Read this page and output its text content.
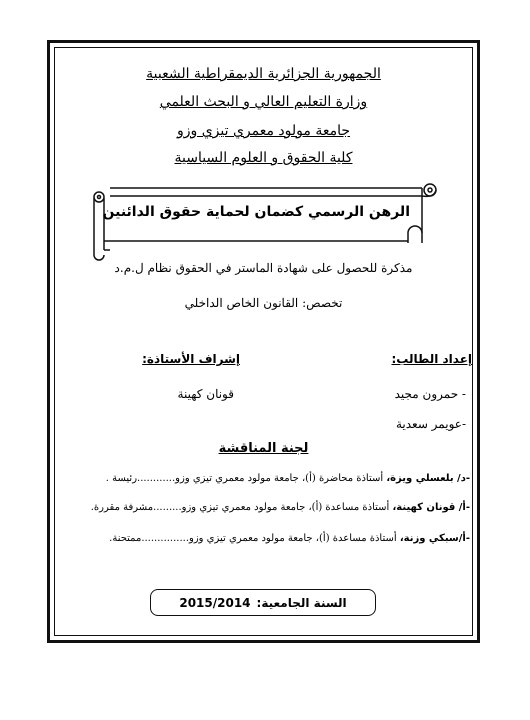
الجمهورية الجزائرية الديمقراطية الشعبية
وزارة التعليم العالي و البحث العلمي
جامعة مولود معمري تيزي وزو
كلية الحقوق و العلوم السياسية
الرهن الرسمي كضمان لحماية حقوق الدائنين
مذكرة للحصول على شهادة الماستر في الحقوق نظام ل.م.د
تخصص: القانون الخاص الداخلي
إعداد الطالب:
- حمرون مجيد
-عويمر سعدية
إشراف الأستاذة:
قونان كهينة
لجنة المناقشة
-د/ بلعسلي ويزة، أستاذة محاضرة (أ)، جامعة مولود معمري تيزي وزو............رئيسة .
-أ/ قونان كهينة، أستاذة مساعدة (أ)، جامعة مولود معمري تيزي وزو.........مشرفة مقررة.
-أ/سبكي وزنة، أستاذة مساعدة (أ)، جامعة مولود معمري تيزي وزو...............ممتحنة.
السنة الجامعية:
2015/2014
